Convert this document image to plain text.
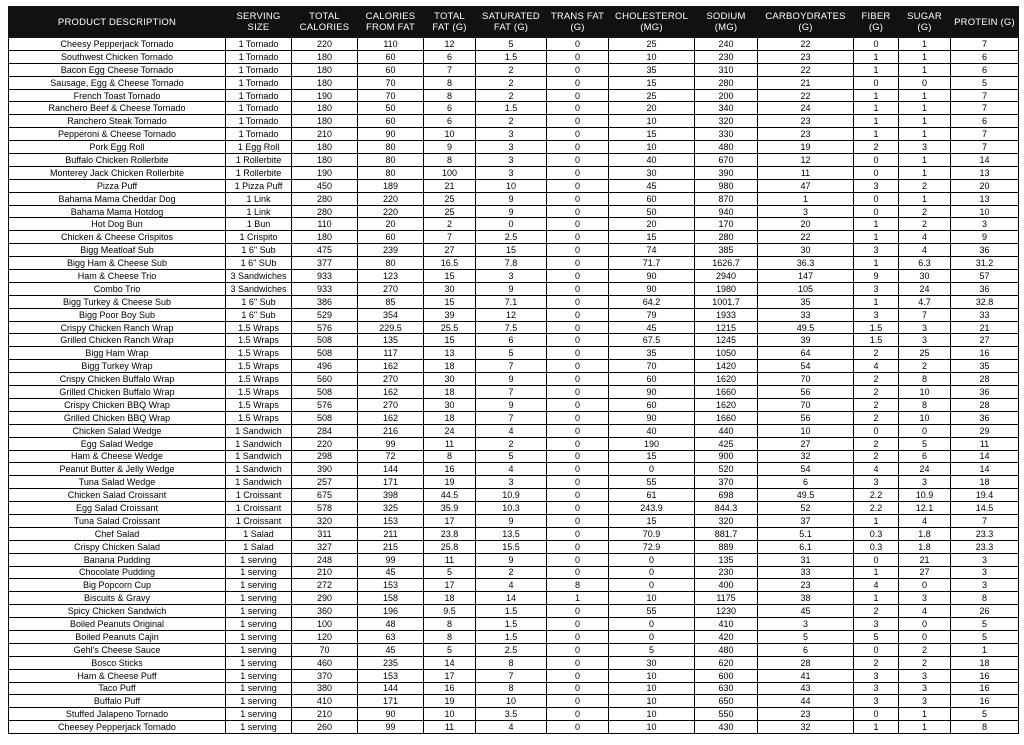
PRODUCT DESCRIPTION	SERVING SIZE	TOTAL CALORIES	CALORIES FROM FAT	TOTAL FAT (G)	SATURATED FAT (G)	TRANS FAT (G)	CHOLESTEROL (MG)	SODIUM (MG)	CARBOYDRATES (G)	FIBER (G)	SUGAR (G)	PROTEIN (G)
Cheesy Pepperjack Tornado	1 Tornado	220	110	12	5	0	25	240	22	0	1	7
Southwest Chicken Tornado	1 Tornado	180	60	6	1.5	0	10	230	23	1	1	6
Bacon Egg Cheese Tornado	1 Tornado	180	60	7	2	0	35	310	22	1	1	6
Sausage, Egg & Cheese Tornado	1 Tornado	180	70	8	2	0	15	280	21	0	0	5
French Toast Tornado	1 Tornado	190	70	8	2	0	25	200	22	1	1	7
Ranchero Beef & Cheese Tornado	1 Tornado	180	50	6	1.5	0	20	340	24	1	1	7
Ranchero Steak Tornado	1 Tornado	180	60	6	2	0	10	320	23	1	1	6
Pepperoni & Cheese Tornado	1 Tornado	210	90	10	3	0	15	330	23	1	1	7
Pork Egg Roll	1 Egg Roll	180	80	9	3	0	10	480	19	2	3	7
Buffalo Chicken Rollerbite	1 Rollerbite	180	80	8	3	0	40	670	12	0	1	14
Monterey Jack Chicken Rollerbite	1 Rollerbite	190	80	100	3	0	30	390	11	0	1	13
Pizza Puff	1 Pizza Puff	450	189	21	10	0	45	980	47	3	2	20
Bahama Mama Cheddar Dog	1 Link	280	220	25	9	0	60	870	1	0	1	13
Bahama Mama Hotdog	1 Link	280	220	25	9	0	50	940	3	0	2	10
Hot Dog Bun	1 Bun	110	20	2	0	0	20	170	20	1	2	3
Chicken & Cheese Crispitos	1 Crispito	180	60	7	2.5	0	15	280	22	1	4	9
Bigg Meatloaf Sub	1 6" Sub	475	239	27	15	0	74	385	30	3	4	36
Bigg Ham & Cheese Sub	1 6" SUb	377	80	16.5	7.8	0	71.7	1626.7	36.3	1	6.3	31.2
Ham & Cheese Trio	3 Sandwiches	933	123	15	3	0	90	2940	147	9	30	57
Combo Trio	3 Sandwiches	933	270	30	9	0	90	1980	105	3	24	36
Bigg Turkey & Cheese Sub	1 6" Sub	386	85	15	7.1	0	64.2	1001.7	35	1	4.7	32.8
Bigg Poor Boy Sub	1 6" Sub	529	354	39	12	0	79	1933	33	3	7	33
Crispy Chicken Ranch Wrap	1.5 Wraps	576	229.5	25.5	7.5	0	45	1215	49.5	1.5	3	21
Grilled Chicken Ranch Wrap	1.5 Wraps	508	135	15	6	0	67.5	1245	39	1.5	3	27
Bigg Ham Wrap	1.5 Wraps	508	117	13	5	0	35	1050	64	2	25	16
Bigg Turkey Wrap	1.5 Wraps	496	162	18	7	0	70	1420	54	4	2	35
Crispy Chicken Buffalo Wrap	1.5 Wraps	560	270	30	9	0	60	1620	70	2	8	28
Grilled Chicken Buffalo Wrap	1.5 Wraps	508	162	18	7	0	90	1660	56	2	10	36
Crispy Chicken BBQ Wrap	1.5 Wraps	576	270	30	9	0	60	1620	70	2	8	28
Grilled Chicken BBQ Wrap	1.5 Wraps	508	162	18	7	0	90	1660	56	2	10	36
Chicken Salad Wedge	1 Sandwich	284	216	24	4	0	40	440	10	0	0	29
Egg Salad Wedge	1 Sandwich	220	99	11	2	0	190	425	27	2	5	11
Ham & Cheese Wedge	1 Sandwich	298	72	8	5	0	15	900	32	2	6	14
Peanut Butter & Jelly Wedge	1 Sandwich	390	144	16	4	0	0	520	54	4	24	14
Tuna Salad Wedge	1 Sandwich	257	171	19	3	0	55	370	6	3	3	18
Chicken Salad Croissant	1 Croissant	675	398	44.5	10.9	0	61	698	49.5	2.2	10.9	19.4
Egg Salad Croissant	1 Croissant	578	325	35.9	10.3	0	243.9	844.3	52	2.2	12.1	14.5
Tuna Salad Croissant	1 Croissant	320	153	17	9	0	15	320	37	1	4	7
Chef Salad	1 Salad	311	211	23.8	13.5	0	70.9	881.7	5.1	0.3	1.8	23.3
Crispy Chicken Salad	1 Salad	327	215	25.8	15.5	0	72.9	889	6.1	0.3	1.8	23.3
Banana Pudding	1 serving	248	99	11	9	0	0	135	31	0	21	3
Chocolate Pudding	1 serving	210	45	5	2	0	0	230	33	1	27	3
Big Popcorn Cup	1 serving	272	153	17	4	8	0	400	23	4	0	3
Biscuits & Gravy	1 serving	290	158	18	14	1	10	1175	38	1	3	8
Spicy Chicken Sandwich	1 serving	360	196	9.5	1.5	0	55	1230	45	2	4	26
Boiled Peanuts Original	1 serving	100	48	8	1.5	0	0	410	3	3	0	5
Boiled Peanuts Cajin	1 serving	120	63	8	1.5	0	0	420	5	5	0	5
Gehl's Cheese Sauce	1 serving	70	45	5	2.5	0	5	480	6	0	2	1
Bosco Sticks	1 serving	460	235	14	8	0	30	620	28	2	2	18
Ham & Cheese Puff	1 serving	370	153	17	7	0	10	600	41	3	3	16
Taco Puff	1 serving	380	144	16	8	0	10	630	43	3	3	16
Buffalo Puff	1 serving	410	171	19	10	0	10	650	44	3	3	16
Stuffed Jalapeno Tornado	1 serving	210	90	10	3.5	0	10	550	23	0	1	5
Cheesey Pepperjack Tornado	1 serving	260	99	11	4	0	10	430	32	1	1	8
